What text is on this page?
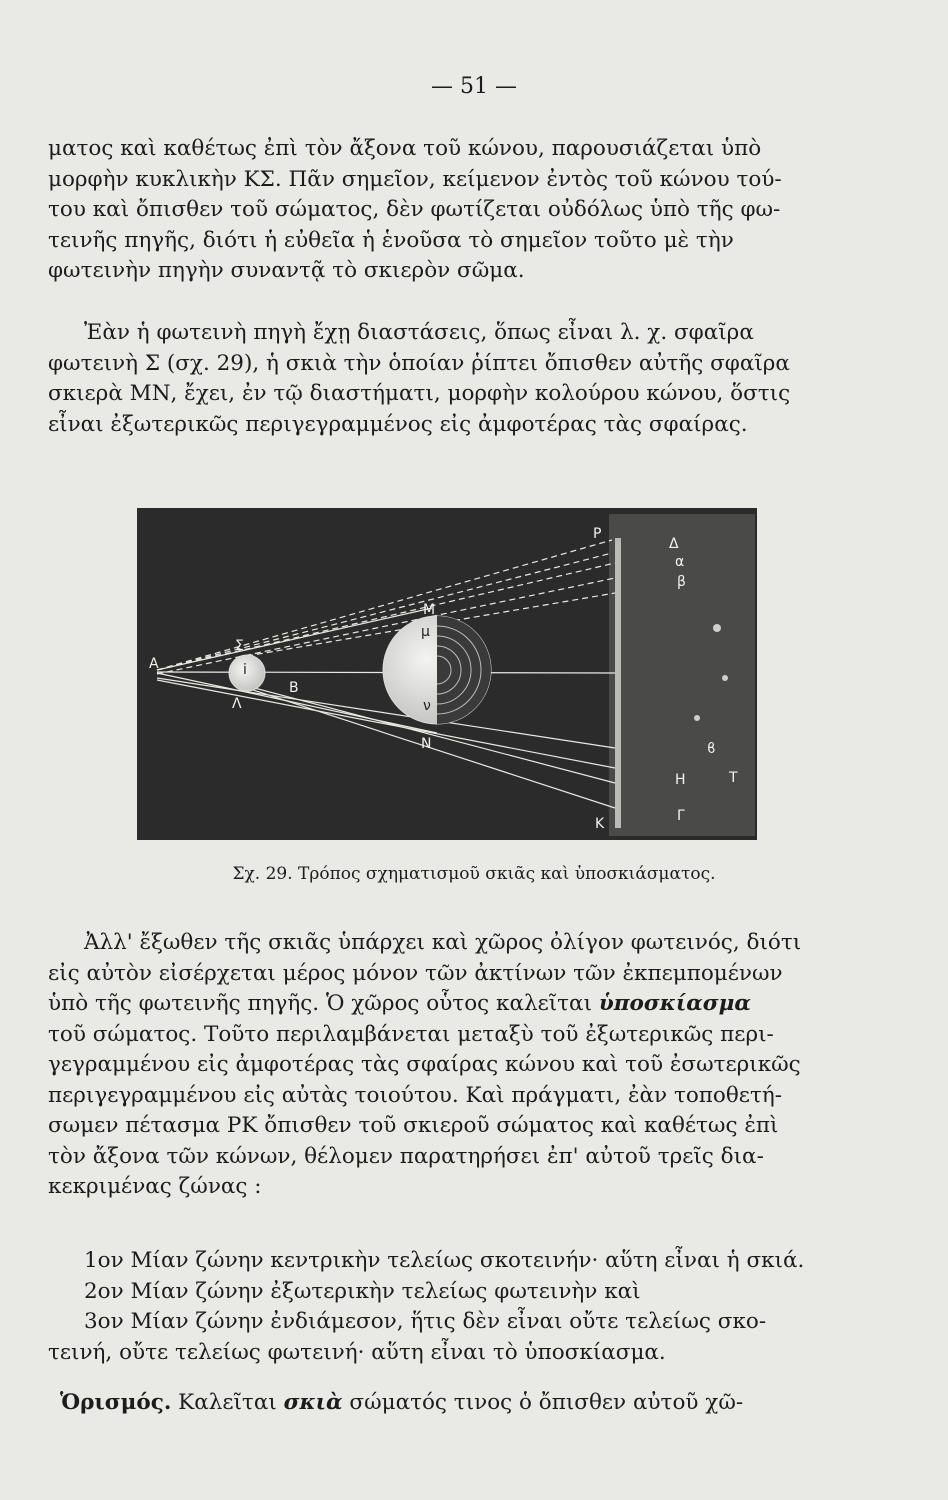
— 51 —
ματος καὶ καθέτως ἐπὶ τὸν ἄξονα τοῦ κώνου, παρουσιάζεται ὑπὸ
μορφὴν κυκλικὴν ΚΣ. Πᾶν σημεῖον, κείμενον ἐντὸς τοῦ κώνου τού-
του καὶ ὄπισθεν τοῦ σώματος, δὲν φωτίζεται οὐδόλως ὑπὸ τῆς φω-
τεινῆς πηγῆς, διότι ἡ εὐθεῖα ἡ ἑνοῦσα τὸ σημεῖον τοῦτο μὲ τὴν
φωτεινὴν πηγὴν συναντᾷ τὸ σκιερὸν σῶμα.
Ἐὰν ἡ φωτεινὴ πηγὴ ἔχῃ διαστάσεις, ὅπως εἶναι λ. χ. σφαῖρα
φωτεινὴ Σ (σχ. 29), ἡ σκιὰ τὴν ὁποίαν ῥίπτει ὄπισθεν αὐτῆς σφαῖρα
σκιερὰ ΜΝ, ἔχει, ἐν τῷ διαστήματι, μορφὴν κολούρου κώνου, ὅστις
εἶναι ἐξωτερικῶς περιγεγραμμένος εἰς ἀμφοτέρας τὰς σφαίρας.
Α
Λ
Σ
i
Β
Μ
μ
ν
Ν
Ρ
Δ
α
β
ϐ
Η	Τ
Γ
Κ
Σχ. 29. Τρόπος σχηματισμοῦ σκιᾶς καὶ ὑποσκιάσματος.
Ἀλλ' ἔξωθεν τῆς σκιᾶς ὑπάρχει καὶ χῶρος ὀλίγον φωτεινός, διότι
εἰς αὐτὸν εἰσέρχεται μέρος μόνον τῶν ἀκτίνων τῶν ἐκπεμπομένων
ὑπὸ τῆς φωτεινῆς πηγῆς. Ὁ χῶρος οὗτος καλεῖται ὑποσκίασμα
τοῦ σώματος. Τοῦτο περιλαμβάνεται μεταξὺ τοῦ ἐξωτερικῶς περι-
γεγραμμένου εἰς ἀμφοτέρας τὰς σφαίρας κώνου καὶ τοῦ ἐσωτερικῶς
περιγεγραμμένου εἰς αὐτὰς τοιούτου. Καὶ πράγματι, ἐὰν τοποθετή-
σωμεν πέτασμα ΡΚ ὄπισθεν τοῦ σκιεροῦ σώματος καὶ καθέτως ἐπὶ
τὸν ἄξονα τῶν κώνων, θέλομεν παρατηρήσει ἐπ' αὐτοῦ τρεῖς δια-
κεκριμένας ζώνας :
1ον Μίαν ζώνην κεντρικὴν τελείως σκοτεινήν· αὕτη εἶναι ἡ σκιά.
2ον Μίαν ζώνην ἐξωτερικὴν τελείως φωτεινὴν καὶ
3ον Μίαν ζώνην ἐνδιάμεσον, ἥτις δὲν εἶναι οὔτε τελείως σκο-
τεινή, οὔτε τελείως φωτεινή· αὕτη εἶναι τὸ ὑποσκίασμα.
Ὁρισμός. Καλεῖται σκιὰ σώματός τινος ὁ ὄπισθεν αὐτοῦ χῶ-
